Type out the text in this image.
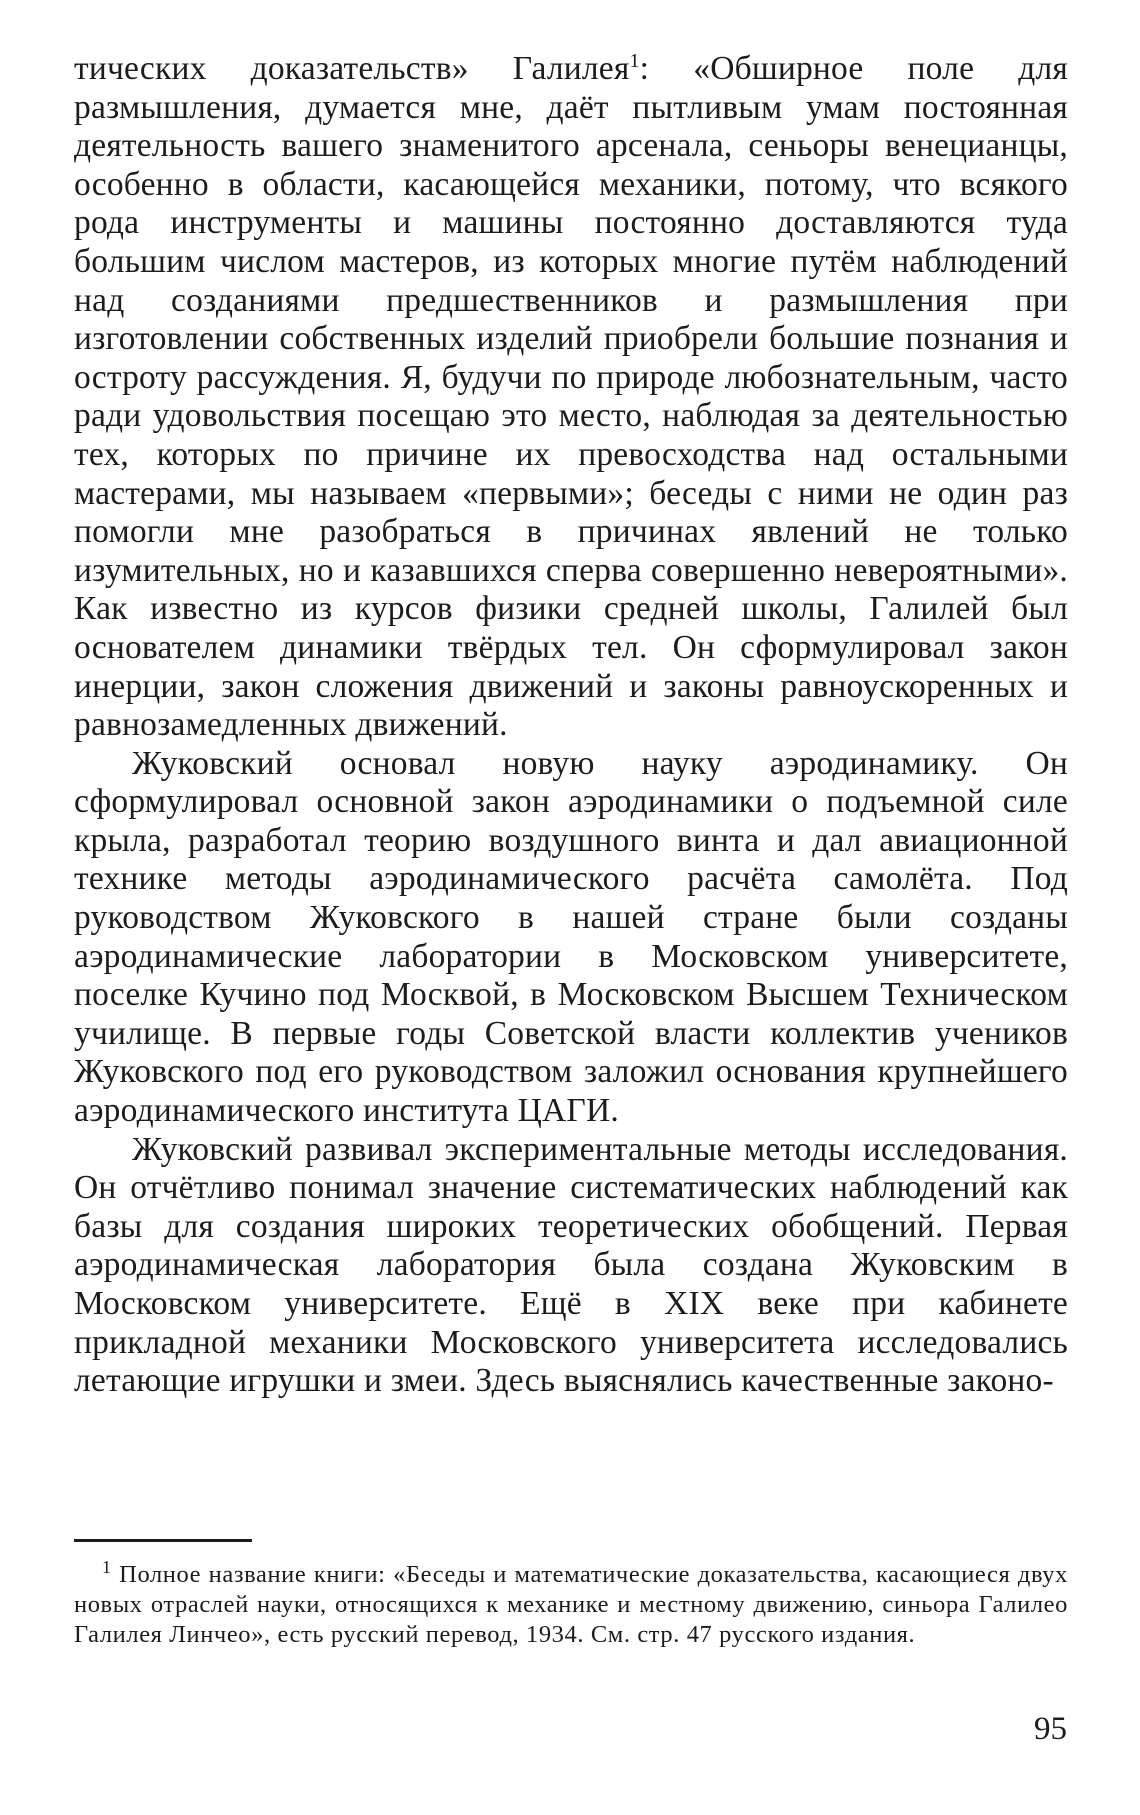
тических доказательств» Галилея$^1$: «Обширное поле для размышления, думается мне, даёт пытливым умам постоянная деятельность вашего знаменитого арсенала, сеньоры венецианцы, особенно в области, касающейся механики, потому, что всякого рода инструменты и машины постоянно доставляются туда большим числом мастеров, из которых многие путём наблюдений над созданиями предшественников и размышления при изготовлении собственных изделий приобрели большие познания и остроту рассуждения. Я, будучи по природе любознательным, часто ради удовольствия посещаю это место, наблюдая за деятельностью тех, которых по причине их превосходства над остальными мастерами, мы называем «первыми»; беседы с ними не один раз помогли мне разобраться в причинах явлений не только изумительных, но и казавшихся сперва совершенно невероятными». Как известно из курсов физики средней школы, Галилей был основателем динамики твёрдых тел. Он сформулировал закон инерции, закон сложения движений и законы равноускоренных и равнозамедленных движений.

Жуковский основал новую науку аэродинамику. Он сформулировал основной закон аэродинамики о подъемной силе крыла, разработал теорию воздушного винта и дал авиационной технике методы аэродинамического расчёта самолёта. Под руководством Жуковского в нашей стране были созданы аэродинамические лаборатории в Московском университете, поселке Кучино под Москвой, в Московском Высшем Техническом училище. В первые годы Советской власти коллектив учеников Жуковского под его руководством заложил основания крупнейшего аэродинамического института ЦАГИ.

Жуковский развивал экспериментальные методы исследования. Он отчётливо понимал значение систематических наблюдений как базы для создания широких теоретических обобщений. Первая аэродинамическая лаборатория была создана Жуковским в Московском университете. Ещё в XIX веке при кабинете прикладной механики Московского университета исследовались летающие игрушки и змеи. Здесь выяснялись качественные законо-

$^1$ Полное название книги: «Беседы и математические доказательства, касающиеся двух новых отраслей науки, относящихся к механике и местному движению, синьора Галилео Галилея Линчео», есть русский перевод, 1934. См. стр. 47 русского издания.

95
